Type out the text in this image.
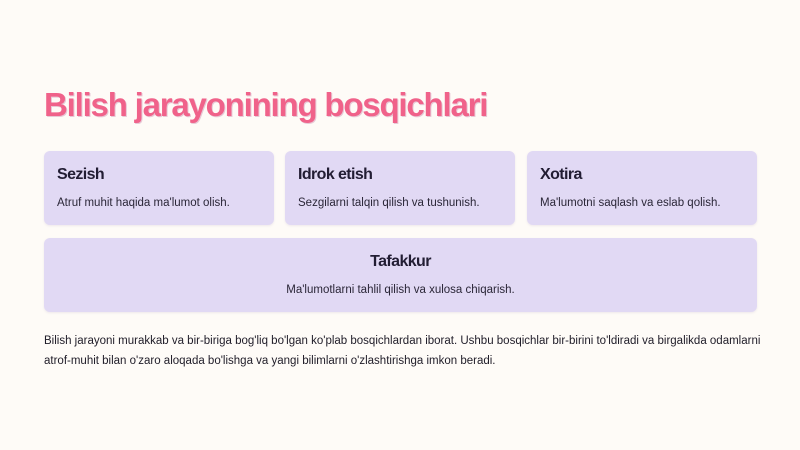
Bilish jarayonining bosqichlari

Sezish

Atruf muhit haqida ma'lumot olish.

Idrok etish

Sezgilarni talqin qilish va tushunish.

Xotira

Ma'lumotni saqlash va eslab qolish.

Tafakkur

Ma'lumotlarni tahlil qilish va xulosa chiqarish.

Bilish jarayoni murakkab va bir-biriga bog'liq bo'lgan ko'plab bosqichlardan iborat. Ushbu bosqichlar bir-birini to'ldiradi va birgalikda odamlarni atrof-muhit bilan o'zaro aloqada bo'lishga va yangi bilimlarni o'zlashtirishga imkon beradi.
